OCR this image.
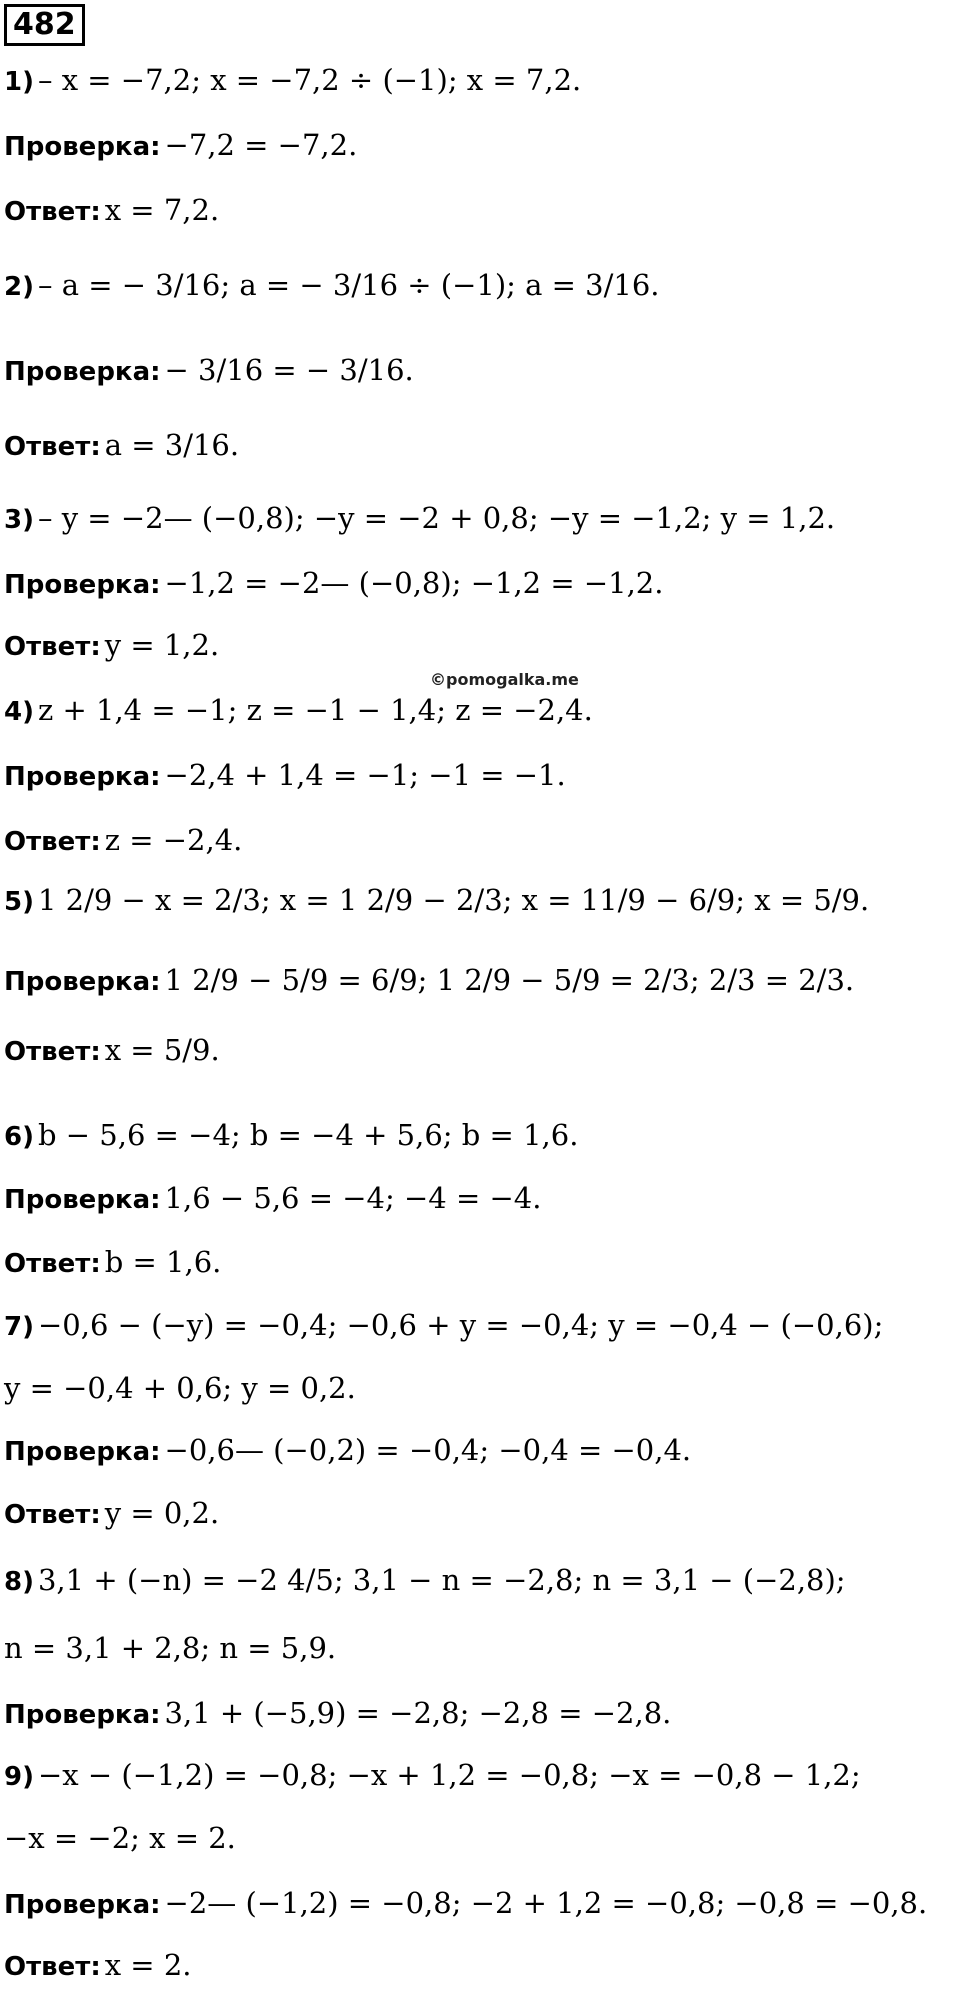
482
©pomogalka.me
1) – x = −7,2; x = −7,2 ÷ (−1); x = 7,2.
Проверка: −7,2 = −7,2.
Ответ: x = 7,2.
2) – a = − 3/16; a = − 3/16 ÷ (−1); a = 3/16.
Проверка: − 3/16 = − 3/16.
Ответ: a = 3/16.
3) – y = −2— (−0,8); −y = −2 + 0,8; −y = −1,2; y = 1,2.
Проверка: −1,2 = −2— (−0,8); −1,2 = −1,2.
Ответ: y = 1,2.
4) z + 1,4 = −1; z = −1 − 1,4; z = −2,4.
Проверка: −2,4 + 1,4 = −1; −1 = −1.
Ответ: z = −2,4.
5) 1 2/9 − x = 2/3; x = 1 2/9 − 2/3; x = 11/9 − 6/9; x = 5/9.
Проверка: 1 2/9 − 5/9 = 6/9; 1 2/9 − 5/9 = 2/3; 2/3 = 2/3.
Ответ: x = 5/9.
6) b − 5,6 = −4; b = −4 + 5,6; b = 1,6.
Проверка: 1,6 − 5,6 = −4; −4 = −4.
Ответ: b = 1,6.
7) −0,6 − (−y) = −0,4; −0,6 + y = −0,4; y = −0,4 − (−0,6);
y = −0,4 + 0,6; y = 0,2.
Проверка: −0,6— (−0,2) = −0,4; −0,4 = −0,4.
Ответ: y = 0,2.
8) 3,1 + (−n) = −2 4/5; 3,1 − n = −2,8; n = 3,1 − (−2,8);
n = 3,1 + 2,8; n = 5,9.
Проверка: 3,1 + (−5,9) = −2,8; −2,8 = −2,8.
9) −x − (−1,2) = −0,8; −x + 1,2 = −0,8; −x = −0,8 − 1,2;
−x = −2; x = 2.
Проверка: −2— (−1,2) = −0,8; −2 + 1,2 = −0,8; −0,8 = −0,8.
Ответ: x = 2.
